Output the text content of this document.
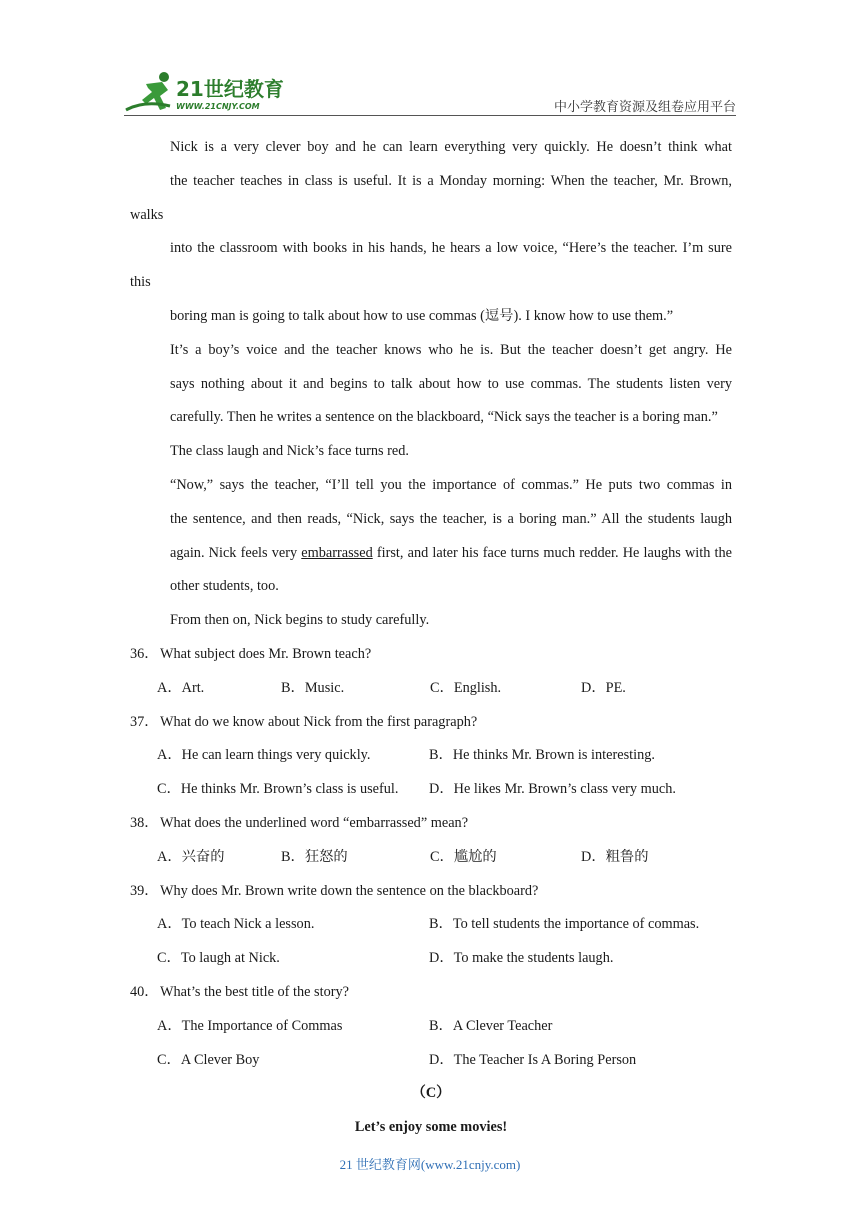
21世纪教育
WWW.21CNJY.COM	中小学教育资源及组卷应用平台

Nick is a very clever boy and he can learn everything very quickly. He doesn’t think what
the teacher teaches in class is useful. It is a Monday morning: When the teacher, Mr. Brown, walks
into the classroom with books in his hands, he hears a low voice, “Here’s the teacher. I’m sure this
boring man is going to talk about how to use commas (逗号). I know how to use them.”

It’s a boy’s voice and the teacher knows who he is. But the teacher doesn’t get angry. He
says nothing about it and begins to talk about how to use commas. The students listen very
carefully. Then he writes a sentence on the blackboard, “Nick says the teacher is a boring man.”

The class laugh and Nick’s face turns red.

“Now,” says the teacher, “I’ll tell you the importance of commas.” He puts two commas in
the sentence, and then reads, “Nick, says the teacher, is a boring man.” All the students laugh
again. Nick feels very embarrassed first, and later his face turns much redder. He laughs with the
other students, too.

From then on, Nick begins to study carefully.

36．What subject does Mr. Brown teach?

A．Art.	B．Music.	C．English.	D．PE.

37．What do we know about Nick from the first paragraph?

A．He can learn things very quickly.	B．He thinks Mr. Brown is interesting.
C．He thinks Mr. Brown’s class is useful.	D．He likes Mr. Brown’s class very much.

38．What does the underlined word “embarrassed” mean?

A．兴奋的	B．狂怒的	C．尴尬的	D．粗鲁的

39．Why does Mr. Brown write down the sentence on the blackboard?

A．To teach Nick a lesson.	B．To tell students the importance of commas.
C．To laugh at Nick.	D．To make the students laugh.

40．What’s the best title of the story?

A．The Importance of Commas	B．A Clever Teacher
C．A Clever Boy	D．The Teacher Is A Boring Person

（C）

Let’s enjoy some movies!

21 世纪教育网(www.21cnjy.com)
